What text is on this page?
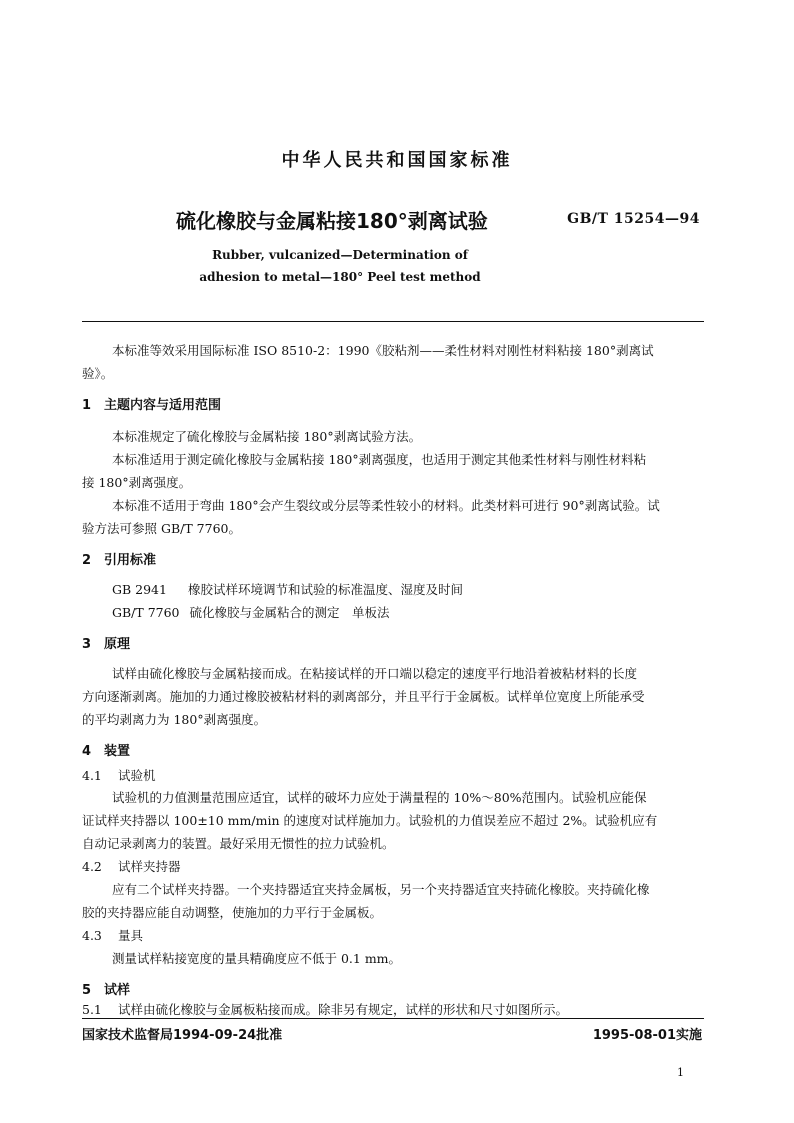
中华人民共和国国家标准
硫化橡胶与金属粘接180°剥离试验	GB/T 15254—94
Rubber, vulcanized—Determination of
adhesion to metal—180° Peel test method
本标准等效采用国际标准 ISO 8510-2：1990《胶粘剂——柔性材料对刚性材料粘接 180°剥离试
验》。
1 主题内容与适用范围
本标准规定了硫化橡胶与金属粘接 180°剥离试验方法。
本标准适用于测定硫化橡胶与金属粘接 180°剥离强度，也适用于测定其他柔性材料与刚性材料粘
接 180°剥离强度。
本标准不适用于弯曲 180°会产生裂纹或分层等柔性较小的材料。此类材料可进行 90°剥离试验。试
验方法可参照 GB/T 7760。
2 引用标准
GB 2941 橡胶试样环境调节和试验的标准温度、湿度及时间
GB/T 7760 硫化橡胶与金属粘合的测定　单板法
3 原理
试样由硫化橡胶与金属粘接而成。在粘接试样的开口端以稳定的速度平行地沿着被粘材料的长度
方向逐渐剥离。施加的力通过橡胶被粘材料的剥离部分，并且平行于金属板。试样单位宽度上所能承受
的平均剥离力为 180°剥离强度。
4 装置
4.1 试验机
试验机的力值测量范围应适宜，试样的破坏力应处于满量程的 10%～80%范围内。试验机应能保
证试样夹持器以 100±10 mm/min 的速度对试样施加力。试验机的力值误差应不超过 2%。试验机应有
自动记录剥离力的装置。最好采用无惯性的拉力试验机。
4.2 试样夹持器
应有二个试样夹持器。一个夹持器适宜夹持金属板，另一个夹持器适宜夹持硫化橡胶。夹持硫化橡
胶的夹持器应能自动调整，使施加的力平行于金属板。
4.3 量具
测量试样粘接宽度的量具精确度应不低于 0.1 mm。
5 试样
5.1 试样由硫化橡胶与金属板粘接而成。除非另有规定，试样的形状和尺寸如图所示。
国家技术监督局1994-09-24批准	1995-08-01实施
1
